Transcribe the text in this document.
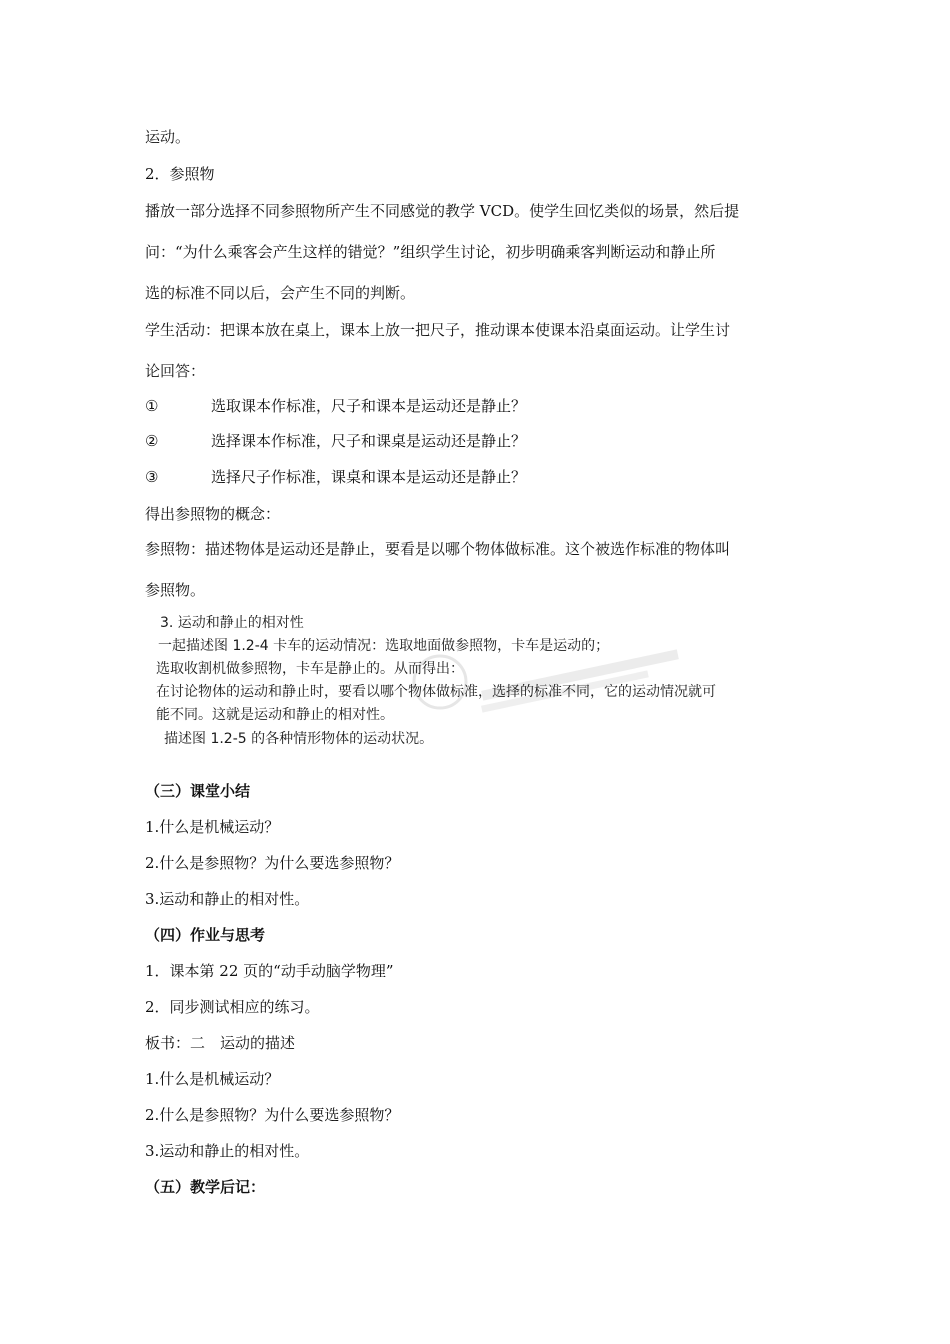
运动。
2．参照物
播放一部分选择不同参照物所产生不同感觉的教学 VCD。使学生回忆类似的场景，然后提
问：“为什么乘客会产生这样的错觉？”组织学生讨论，初步明确乘客判断运动和静止所
选的标准不同以后，会产生不同的判断。
学生活动：把课本放在桌上，课本上放一把尺子，推动课本使课本沿桌面运动。让学生讨
论回答：
①	选取课本作标准，尺子和课本是运动还是静止？
②	选择课本作标准，尺子和课桌是运动还是静止？
③	选择尺子作标准，课桌和课本是运动还是静止？
得出参照物的概念：
参照物：描述物体是运动还是静止，要看是以哪个物体做标准。这个被选作标准的物体叫
参照物。
3. 运动和静止的相对性
一起描述图 1.2-4 卡车的运动情况：选取地面做参照物，卡车是运动的；
选取收割机做参照物，卡车是静止的。从而得出：
在讨论物体的运动和静止时，要看以哪个物体做标准，选择的标准不同，它的运动情况就可
能不同。这就是运动和静止的相对性。
描述图 1.2-5 的各种情形物体的运动状况。
（三）课堂小结
1.什么是机械运动？
2.什么是参照物？为什么要选参照物？
3.运动和静止的相对性。
（四）作业与思考
1．课本第 22 页的“动手动脑学物理”
2．同步测试相应的练习。
板书：二　运动的描述
1.什么是机械运动？
2.什么是参照物？为什么要选参照物？
3.运动和静止的相对性。
（五）教学后记：
